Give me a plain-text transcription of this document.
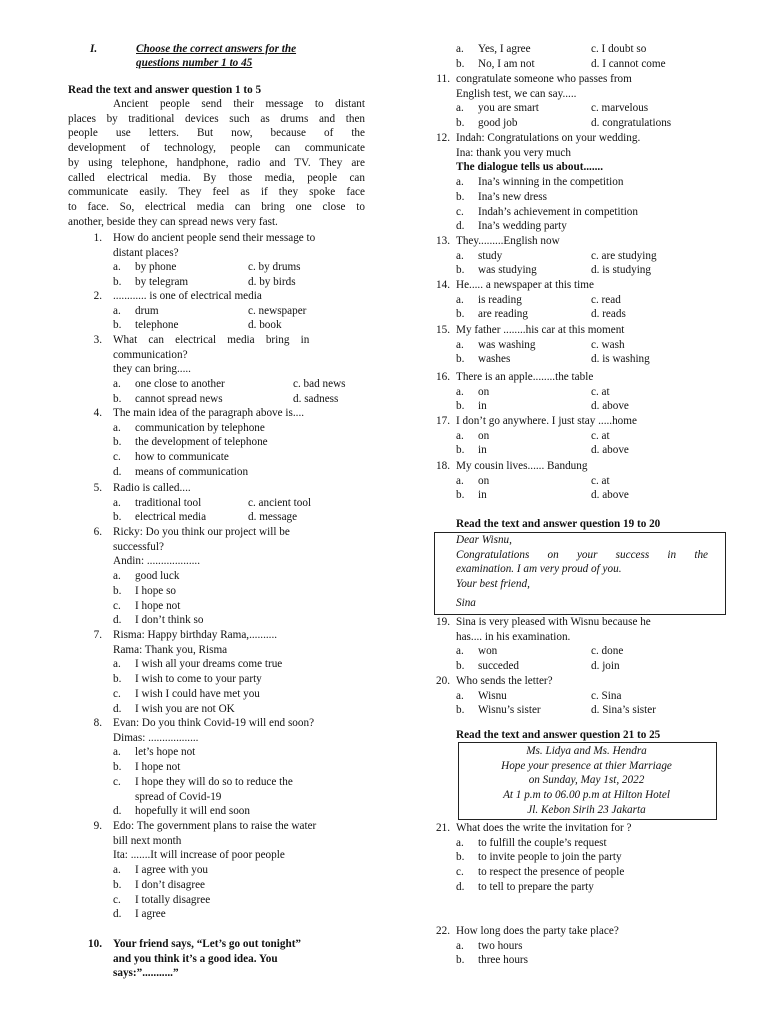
I.	Choose the correct answers for the
questions number 1 to 45
Read the text and answer question 1 to 5
Ancient people send their message to distant
places by traditional devices such as drums and then
people use letters. But now, because of the
development of technology, people can communicate
by using telephone, handphone, radio and TV. They are
called electrical media. By those media, people can
communicate easily. They feel as if they spoke face
to face. So, electrical media can bring one close to
another, beside they can spread news very fast.
1. How do ancient people send their message to
distant places?
a. by phone	c. by drums
b. by telegram	d. by birds
2. ............ is one of electrical media
a. drum	c. newspaper
b. telephone	d. book
3. What    can    electrical    media    bring    in
communication?
they can bring.....
a. one close to another	c. bad news
b. cannot spread news	d. sadness
4. The main idea of the paragraph above is....
a. communication by telephone
b. the development of telephone
c. how to communicate
d. means of communication
5. Radio is called....
a. traditional tool	c. ancient tool
b. electrical media	d. message
6. Ricky: Do you think our project will be
successful?
Andin: ...................
a. good luck
b. I hope so
c. I hope not
d. I don’t think so
7. Risma: Happy birthday Rama,..........
Rama: Thank you, Risma
a. I wish all your dreams come true
b. I wish to come to your party
c. I wish I could have met you
d. I wish you are not OK
8. Evan: Do you think Covid-19 will end soon?
Dimas: ..................
a. let’s hope not
b. I hope not
c. I hope they will do so to reduce the
spread of Covid-19
d. hopefully it will end soon
9. Edo: The government plans to raise the water
bill next month
Ita: .......It will increase of poor people
a. I agree with you
b. I don’t disagree
c. I totally disagree
d. I agree
10. Your friend says, “Let’s go out tonight”
and you think it’s a good idea. You
says:”...........”
a. Yes, I agree	c. I doubt so
b. No, I am not	d. I cannot come
11. congratulate someone who passes from
English test, we can say.....
a. you are smart	c. marvelous
b. good job	d. congratulations
12. Indah: Congratulations on your wedding.
Ina: thank you very much
The dialogue tells us about.......
a. Ina’s winning in the competition
b. Ina’s new dress
c. Indah’s achievement in competition
d. Ina’s wedding party
13. They.........English now
a. study	c. are studying
b. was studying	d. is studying
14. He..... a newspaper at this time
a. is reading	c. read
b. are reading	d. reads
15. My father ........his car at this moment
a. was washing	c. wash
b. washes	d. is washing
16. There is an apple........the table
a. on	c. at
b. in	d. above
17. I don’t go anywhere. I just stay .....home
a. on	c. at
b. in	d. above
18. My cousin lives...... Bandung
a. on	c. at
b. in	d. above
Read the text and answer question 19 to 20
Dear Wisnu,
Congratulations   on   your   success   in   the
examination. I am very proud of you.
Your best friend,
Sina
19. Sina is very pleased with Wisnu because he
has.... in his examination.
a. won	c. done
b. succeded	d. join
20. Who sends the letter?
a. Wisnu	c. Sina
b. Wisnu’s sister	d. Sina’s sister
Read the text and answer question 21 to 25
Ms. Lidya and Ms. Hendra
Hope your presence at thier Marriage
on Sunday, May 1st, 2022
At 1 p.m to 06.00 p.m at Hilton Hotel
Jl. Kebon Sirih 23 Jakarta
21. What does the write the invitation for ?
a. to fulfill the couple’s request
b. to invite people to join the party
c. to respect the presence of people
d. to tell to prepare the party
22. How long does the party take place?
a. two hours
b. three hours
